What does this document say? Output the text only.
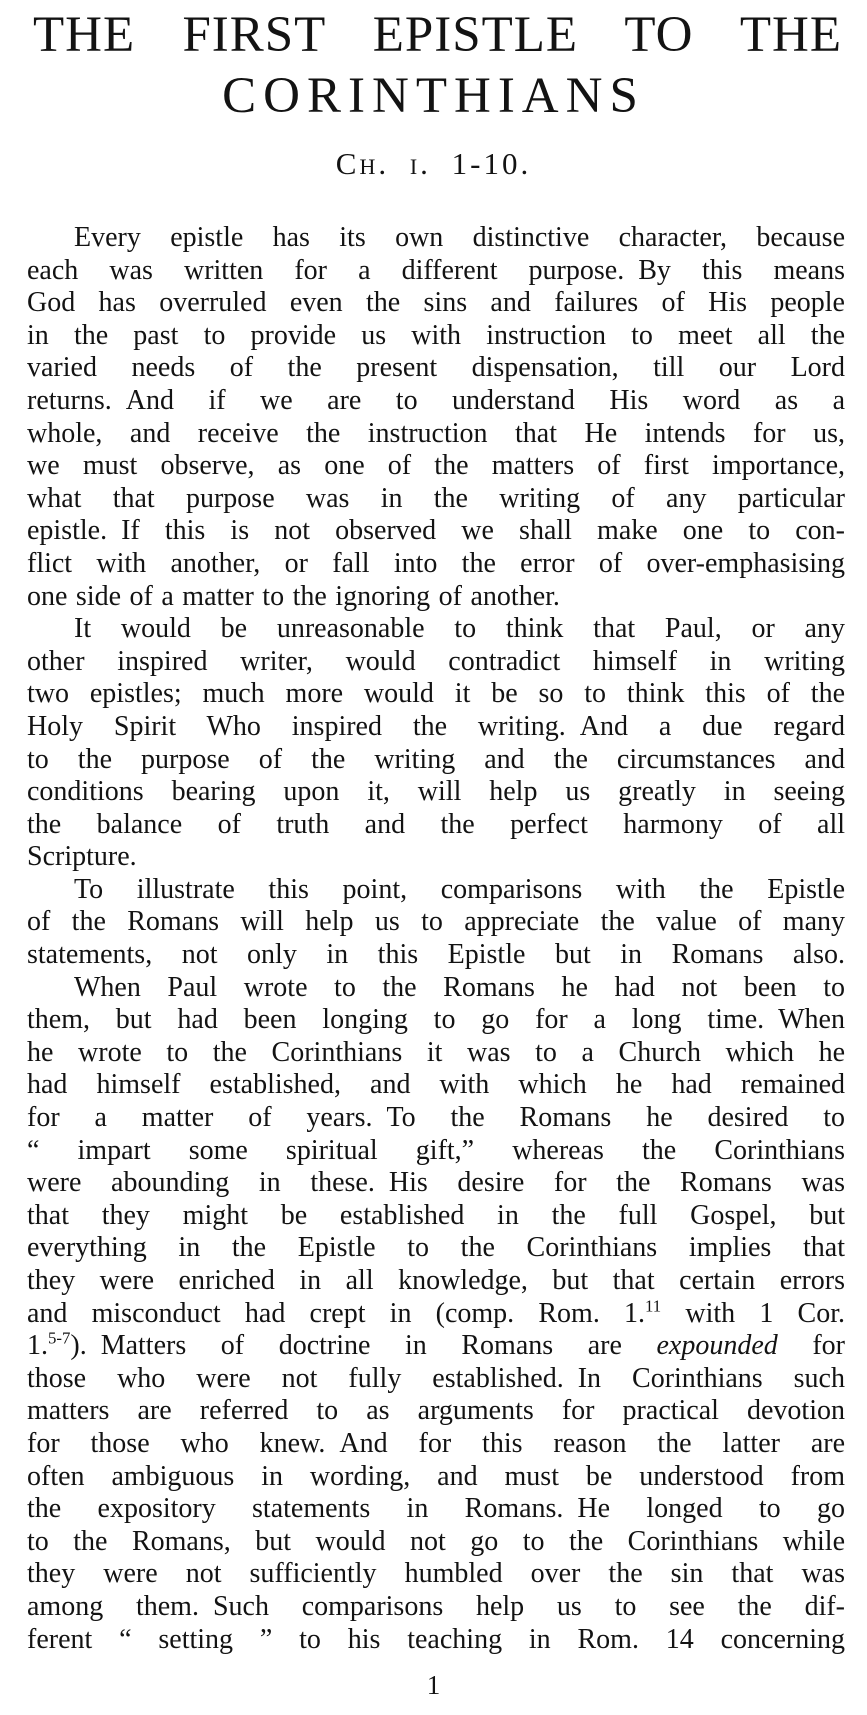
THE FIRST EPISTLE TO THE
CORINTHIANS
Ch. i. 1-10.
Every epistle has its own distinctive character, because
each was written for a different purpose. By this means
God has overruled even the sins and failures of His people
in the past to provide us with instruction to meet all the
varied needs of the present dispensation, till our Lord
returns. And if we are to understand His word as a
whole, and receive the instruction that He intends for us,
we must observe, as one of the matters of first importance,
what that purpose was in the writing of any particular
epistle. If this is not observed we shall make one to con-
flict with another, or fall into the error of over-emphasising
one side of a matter to the ignoring of another.
It would be unreasonable to think that Paul, or any
other inspired writer, would contradict himself in writing
two epistles; much more would it be so to think this of the
Holy Spirit Who inspired the writing. And a due regard
to the purpose of the writing and the circumstances and
conditions bearing upon it, will help us greatly in seeing
the balance of truth and the perfect harmony of all
Scripture.
To illustrate this point, comparisons with the Epistle
of the Romans will help us to appreciate the value of many
statements, not only in this Epistle but in Romans also.
When Paul wrote to the Romans he had not been to
them, but had been longing to go for a long time. When
he wrote to the Corinthians it was to a Church which he
had himself established, and with which he had remained
for a matter of years. To the Romans he desired to
“ impart some spiritual gift,” whereas the Corinthians
were abounding in these. His desire for the Romans was
that they might be established in the full Gospel, but
everything in the Epistle to the Corinthians implies that
they were enriched in all knowledge, but that certain errors
and misconduct had crept in (comp. Rom. 1.11 with 1 Cor.
1.$^{5-7}$). Matters of doctrine in Romans are expounded for
those who were not fully established. In Corinthians such
matters are referred to as arguments for practical devotion
for those who knew. And for this reason the latter are
often ambiguous in wording, and must be understood from
the expository statements in Romans. He longed to go
to the Romans, but would not go to the Corinthians while
they were not sufficiently humbled over the sin that was
among them. Such comparisons help us to see the dif-
ferent “ setting ” to his teaching in Rom. 14 concerning
1
